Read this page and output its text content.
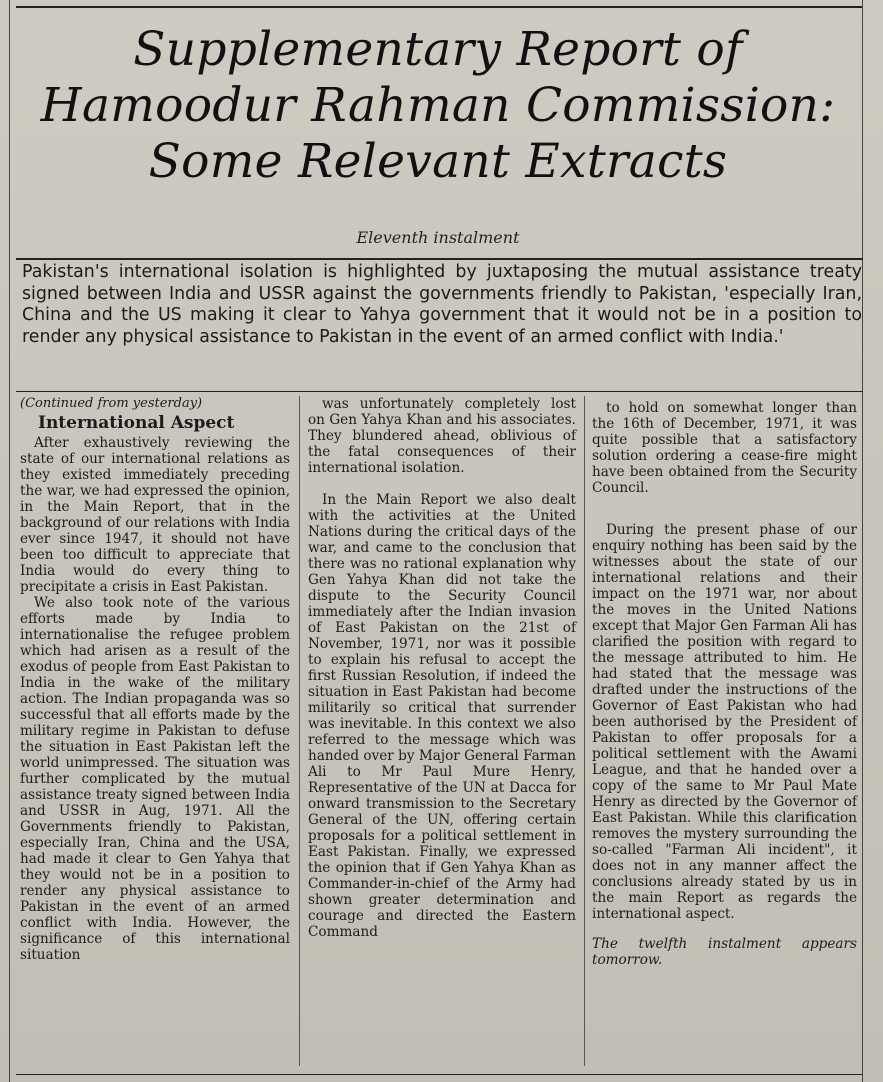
Supplementary Report of
Hamoodur Rahman Commission:
Some Relevant Extracts
Eleventh instalment

Pakistan's international isolation is highlighted by juxtaposing the mutual assistance treaty signed between India and USSR against the governments friendly to Pakistan, 'especially Iran, China and the US making it clear to Yahya government that it would not be in a position to render any physical assistance to Pakistan in the event of an armed conflict with India.'

(Continued from yesterday)

International Aspect

After exhaustively reviewing the state of our international relations as they existed immediately preceding the war, we had expressed the opinion, in the Main Report, that in the background of our relations with India ever since 1947, it should not have been too difficult to appreciate that India would do every thing to precipitate a crisis in East Pakistan.

We also took note of the various efforts made by India to internationalise the refugee problem which had arisen as a result of the exodus of people from East Pakistan to India in the wake of the military action. The Indian propaganda was so successful that all efforts made by the military regime in Pakistan to defuse the situation in East Pakistan left the world unimpressed. The situation was further complicated by the mutual assistance treaty signed between India and USSR in Aug, 1971. All the Governments friendly to Pakistan, especially Iran, China and the USA, had made it clear to Gen Yahya that they would not be in a position to render any physical assistance to Pakistan in the event of an armed conflict with India. However, the significance of this international situation

was unfortunately completely lost on Gen Yahya Khan and his associates. They blundered ahead, oblivious of the fatal consequences of their international isolation.

In the Main Report we also dealt with the activities at the United Nations during the critical days of the war, and came to the conclusion that there was no rational explanation why Gen Yahya Khan did not take the dispute to the Security Council immediately after the Indian invasion of East Pakistan on the 21st of November, 1971, nor was it possible to explain his refusal to accept the first Russian Resolution, if indeed the situation in East Pakistan had become militarily so critical that surrender was inevitable. In this context we also referred to the message which was handed over by Major General Farman Ali to Mr Paul Mure Henry, Representative of the UN at Dacca for onward transmission to the Secretary General of the UN, offering certain proposals for a political settlement in East Pakistan. Finally, we expressed the opinion that if Gen Yahya Khan as Commander-in-chief of the Army had shown greater determination and courage and directed the Eastern Command

to hold on somewhat longer than the 16th of December, 1971, it was quite possible that a satisfactory solution ordering a cease-fire might have been obtained from the Security Council.

During the present phase of our enquiry nothing has been said by the witnesses about the state of our international relations and their impact on the 1971 war, nor about the moves in the United Nations except that Major Gen Farman Ali has clarified the position with regard to the message attributed to him. He had stated that the message was drafted under the instructions of the Governor of East Pakistan who had been authorised by the President of Pakistan to offer proposals for a political settlement with the Awami League, and that he handed over a copy of the same to Mr Paul Mate Henry as directed by the Governor of East Pakistan. While this clarification removes the mystery surrounding the so-called "Farman Ali incident", it does not in any manner affect the conclusions already stated by us in the main Report as regards the international aspect.

The twelfth instalment appears tomorrow.
